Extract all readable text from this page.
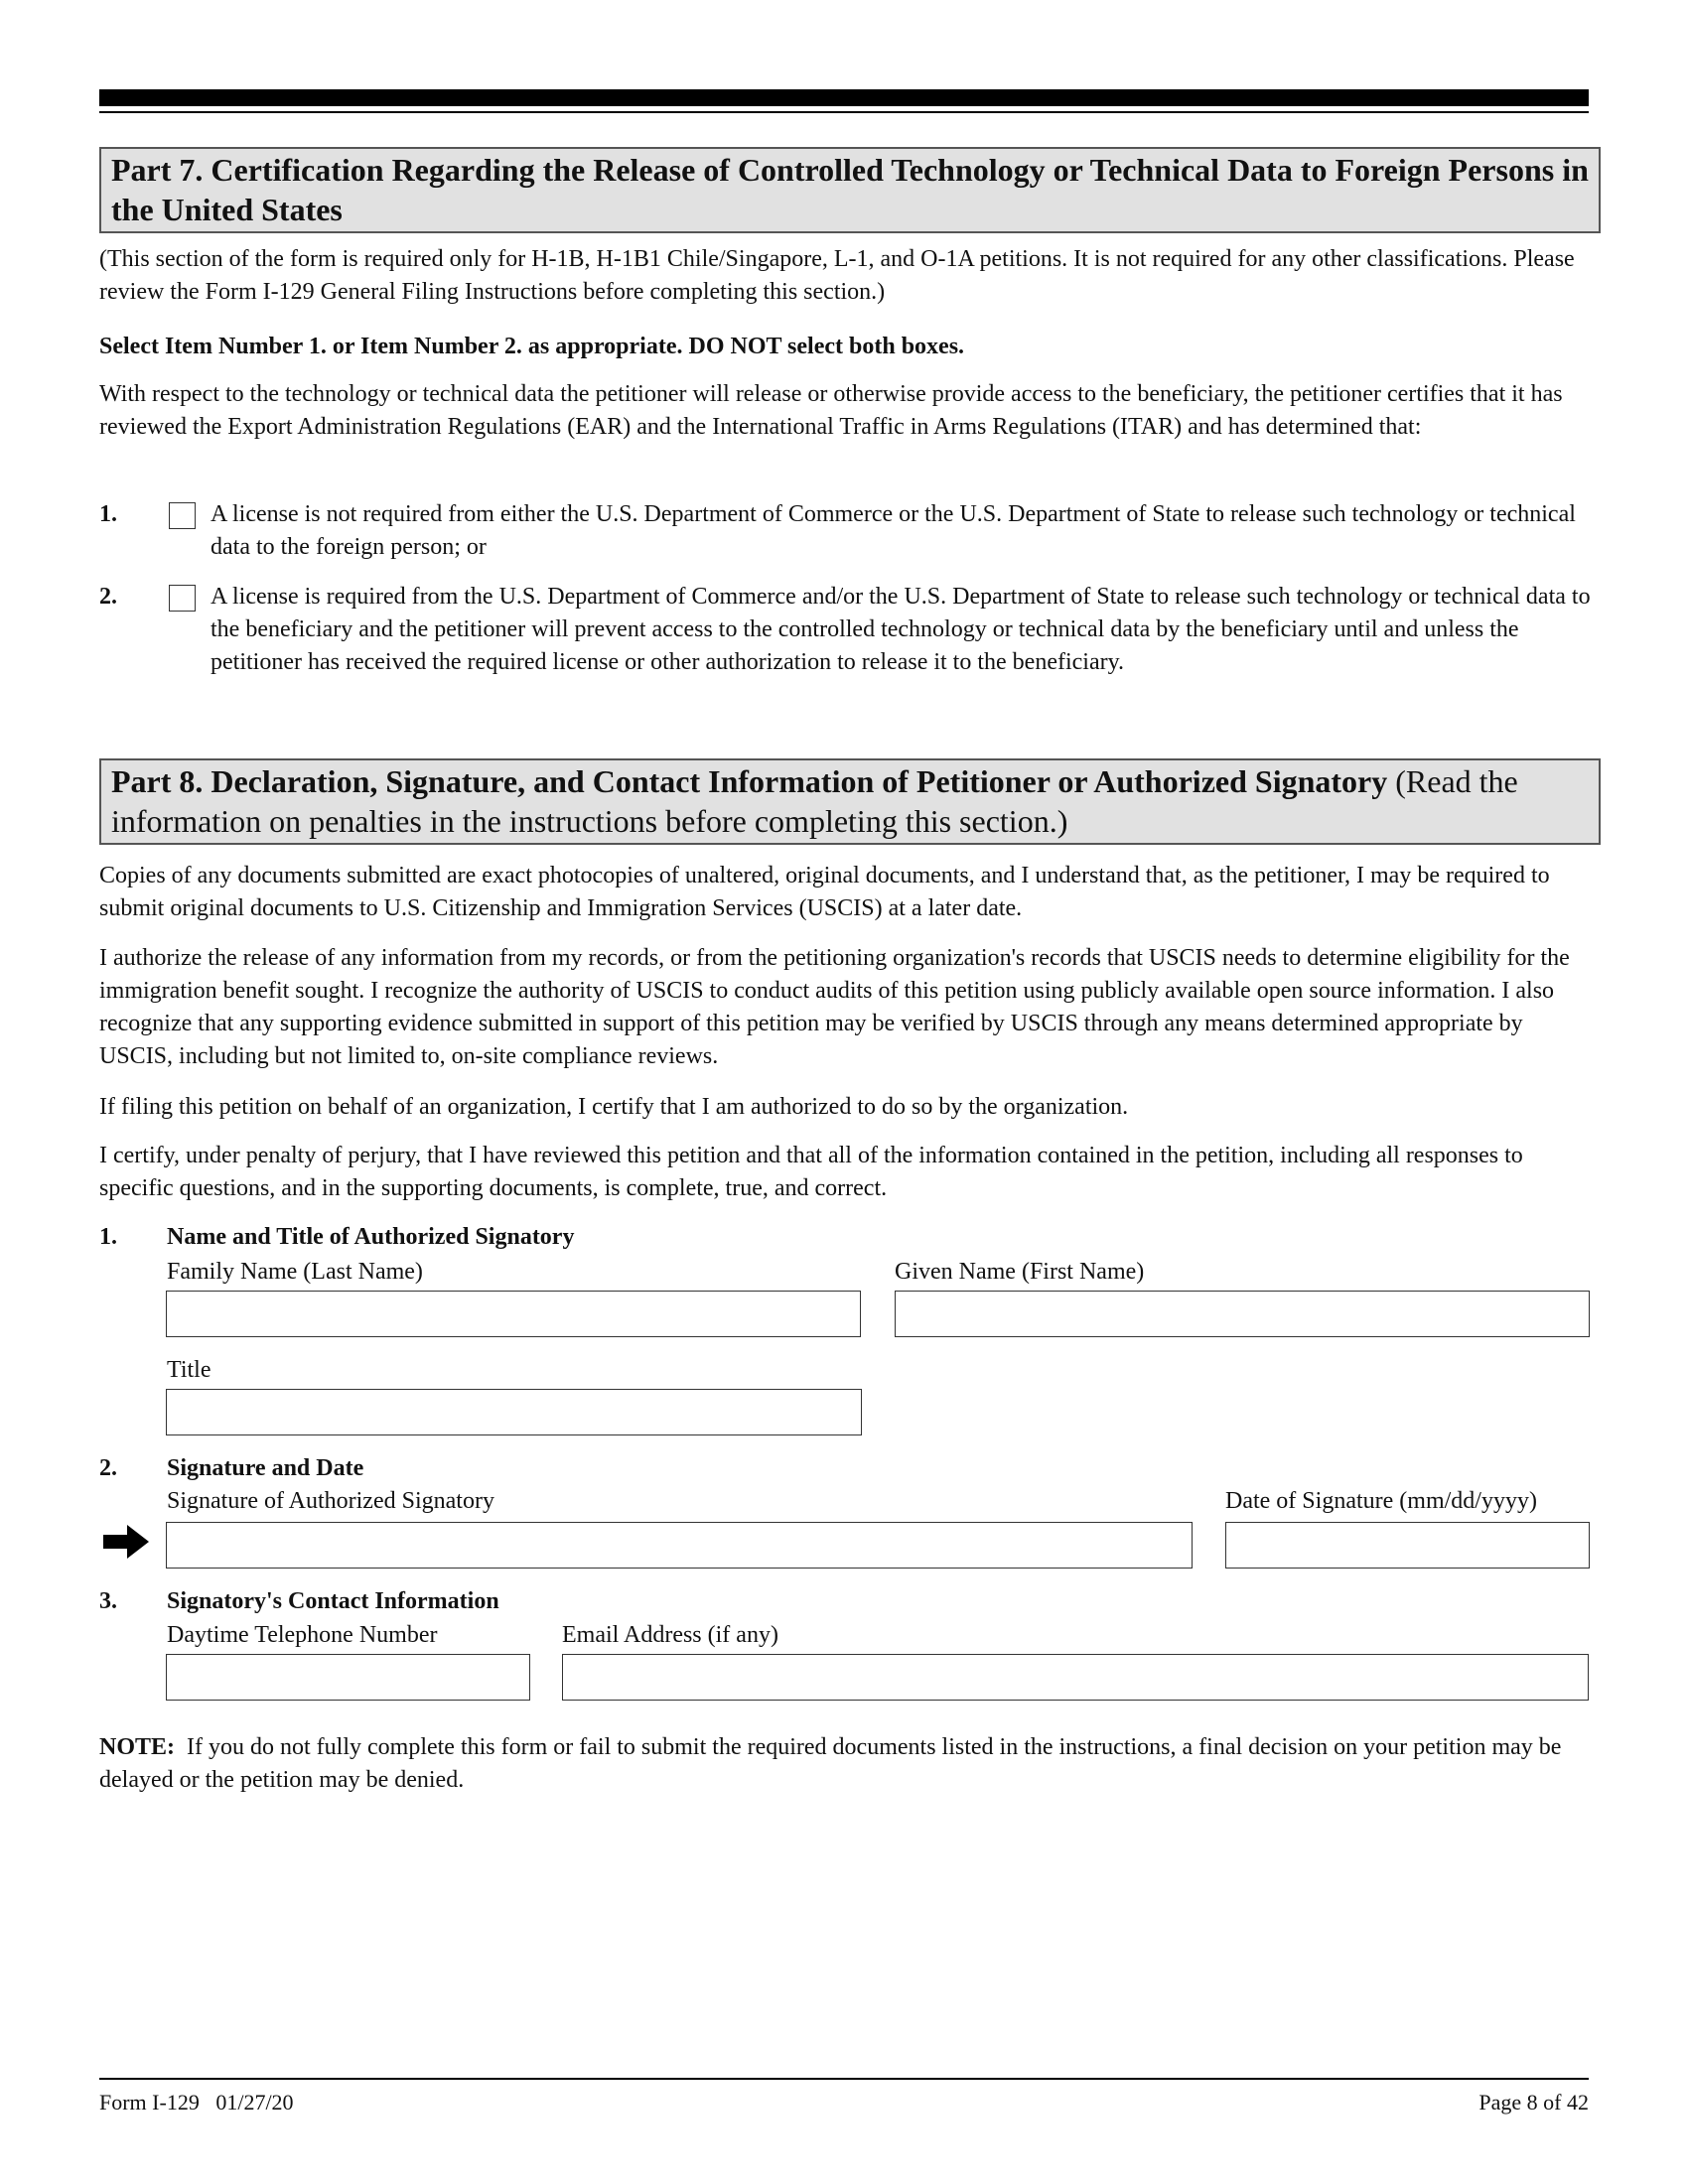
Part 7. Certification Regarding the Release of Controlled Technology or Technical Data to Foreign Persons in the United States

(This section of the form is required only for H-1B, H-1B1 Chile/Singapore, L-1, and O-1A petitions. It is not required for any other classifications. Please review the Form I-129 General Filing Instructions before completing this section.)

Select Item Number 1. or Item Number 2. as appropriate. DO NOT select both boxes.

With respect to the technology or technical data the petitioner will release or otherwise provide access to the beneficiary, the petitioner certifies that it has reviewed the Export Administration Regulations (EAR) and the International Traffic in Arms Regulations (ITAR) and has determined that:

1.	A license is not required from either the U.S. Department of Commerce or the U.S. Department of State to release such technology or technical data to the foreign person; or

2.	A license is required from the U.S. Department of Commerce and/or the U.S. Department of State to release such technology or technical data to the beneficiary and the petitioner will prevent access to the controlled technology or technical data by the beneficiary until and unless the petitioner has received the required license or other authorization to release it to the beneficiary.

Part 8. Declaration, Signature, and Contact Information of Petitioner or Authorized Signatory (Read the information on penalties in the instructions before completing this section.)

Copies of any documents submitted are exact photocopies of unaltered, original documents, and I understand that, as the petitioner, I may be required to submit original documents to U.S. Citizenship and Immigration Services (USCIS) at a later date.

I authorize the release of any information from my records, or from the petitioning organization's records that USCIS needs to determine eligibility for the immigration benefit sought. I recognize the authority of USCIS to conduct audits of this petition using publicly available open source information. I also recognize that any supporting evidence submitted in support of this petition may be verified by USCIS through any means determined appropriate by USCIS, including but not limited to, on-site compliance reviews.

If filing this petition on behalf of an organization, I certify that I am authorized to do so by the organization.

I certify, under penalty of perjury, that I have reviewed this petition and that all of the information contained in the petition, including all responses to specific questions, and in the supporting documents, is complete, true, and correct.

1. Name and Title of Authorized Signatory
Family Name (Last Name)	Given Name (First Name)
Title
2. Signature and Date
Signature of Authorized Signatory	Date of Signature (mm/dd/yyyy)
3. Signatory's Contact Information
Daytime Telephone Number	Email Address (if any)

NOTE:  If you do not fully complete this form or fail to submit the required documents listed in the instructions, a final decision on your petition may be delayed or the petition may be denied.

Form I-129   01/27/20	Page 8 of 42
